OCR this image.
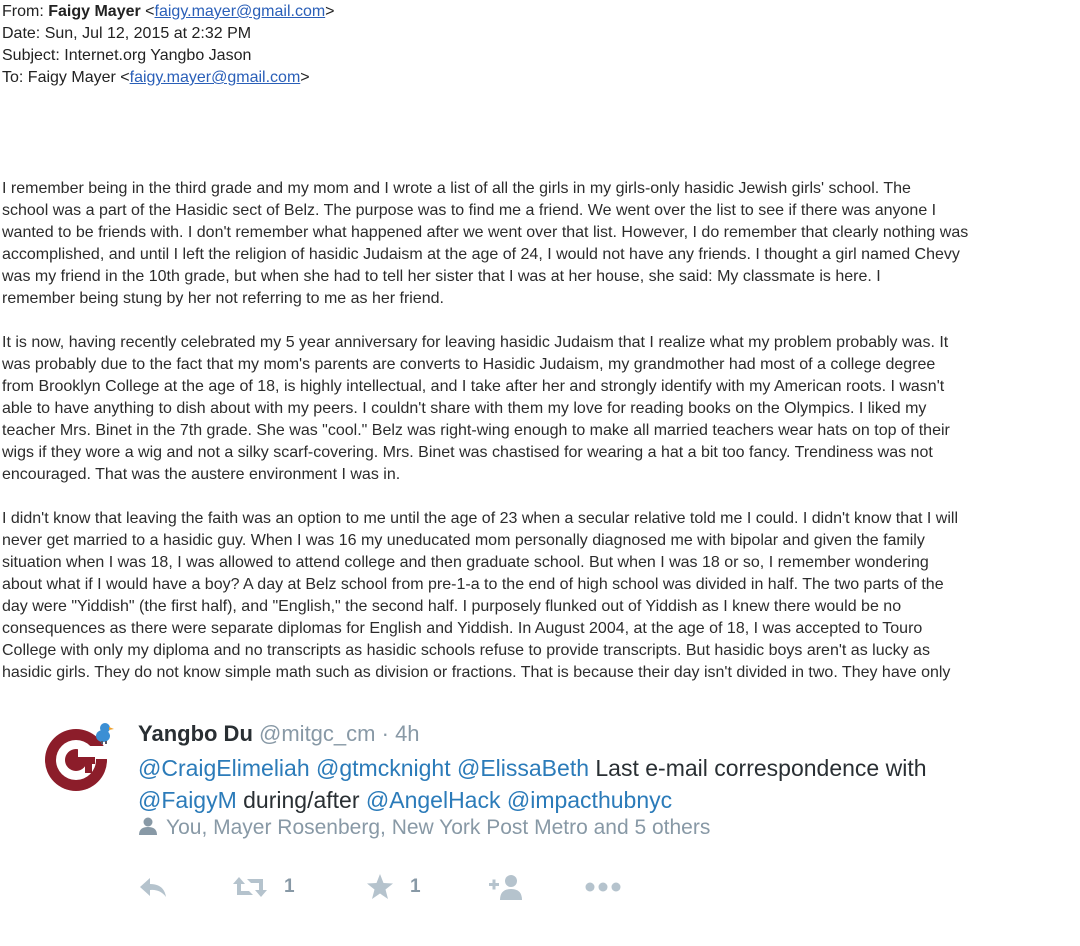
From: Faigy Mayer <faigy.mayer@gmail.com>
Date: Sun, Jul 12, 2015 at 2:32 PM
Subject: Internet.org Yangbo Jason
To: Faigy Mayer <faigy.mayer@gmail.com>
I remember being in the third grade and my mom and I wrote a list of all the girls in my girls-only hasidic Jewish girls' school. The
school was a part of the Hasidic sect of Belz. The purpose was to find me a friend. We went over the list to see if there was anyone I
wanted to be friends with. I don't remember what happened after we went over that list. However, I do remember that clearly nothing was
accomplished, and until I left the religion of hasidic Judaism at the age of 24, I would not have any friends. I thought a girl named Chevy
was my friend in the 10th grade, but when she had to tell her sister that I was at her house, she said: My classmate is here. I
remember being stung by her not referring to me as her friend.
It is now, having recently celebrated my 5 year anniversary for leaving hasidic Judaism that I realize what my problem probably was. It
was probably due to the fact that my mom's parents are converts to Hasidic Judaism, my grandmother had most of a college degree
from Brooklyn College at the age of 18, is highly intellectual, and I take after her and strongly identify with my American roots. I wasn't
able to have anything to dish about with my peers. I couldn't share with them my love for reading books on the Olympics. I liked my
teacher Mrs. Binet in the 7th grade. She was "cool." Belz was right-wing enough to make all married teachers wear hats on top of their
wigs if they wore a wig and not a silky scarf-covering. Mrs. Binet was chastised for wearing a hat a bit too fancy. Trendiness was not
encouraged. That was the austere environment I was in.
I didn't know that leaving the faith was an option to me until the age of 23 when a secular relative told me I could. I didn't know that I will
never get married to a hasidic guy. When I was 16 my uneducated mom personally diagnosed me with bipolar and given the family
situation when I was 18, I was allowed to attend college and then graduate school. But when I was 18 or so, I remember wondering
about what if I would have a boy? A day at Belz school from pre-1-a to the end of high school was divided in half. The two parts of the
day were "Yiddish" (the first half), and "English," the second half. I purposely flunked out of Yiddish as I knew there would be no
consequences as there were separate diplomas for English and Yiddish. In August 2004, at the age of 18, I was accepted to Touro
College with only my diploma and no transcripts as hasidic schools refuse to provide transcripts. But hasidic boys aren't as lucky as
hasidic girls. They do not know simple math such as division or fractions. That is because their day isn't divided in two. They have only
Yangbo Du @mitgc_cm · 4h
@CraigElimeliah @gtmcknight @ElissaBeth Last e-mail correspondence with
@FaigyM during/after @AngelHack @impacthubnyc
You, Mayer Rosenberg, New York Post Metro and 5 others
1	1
